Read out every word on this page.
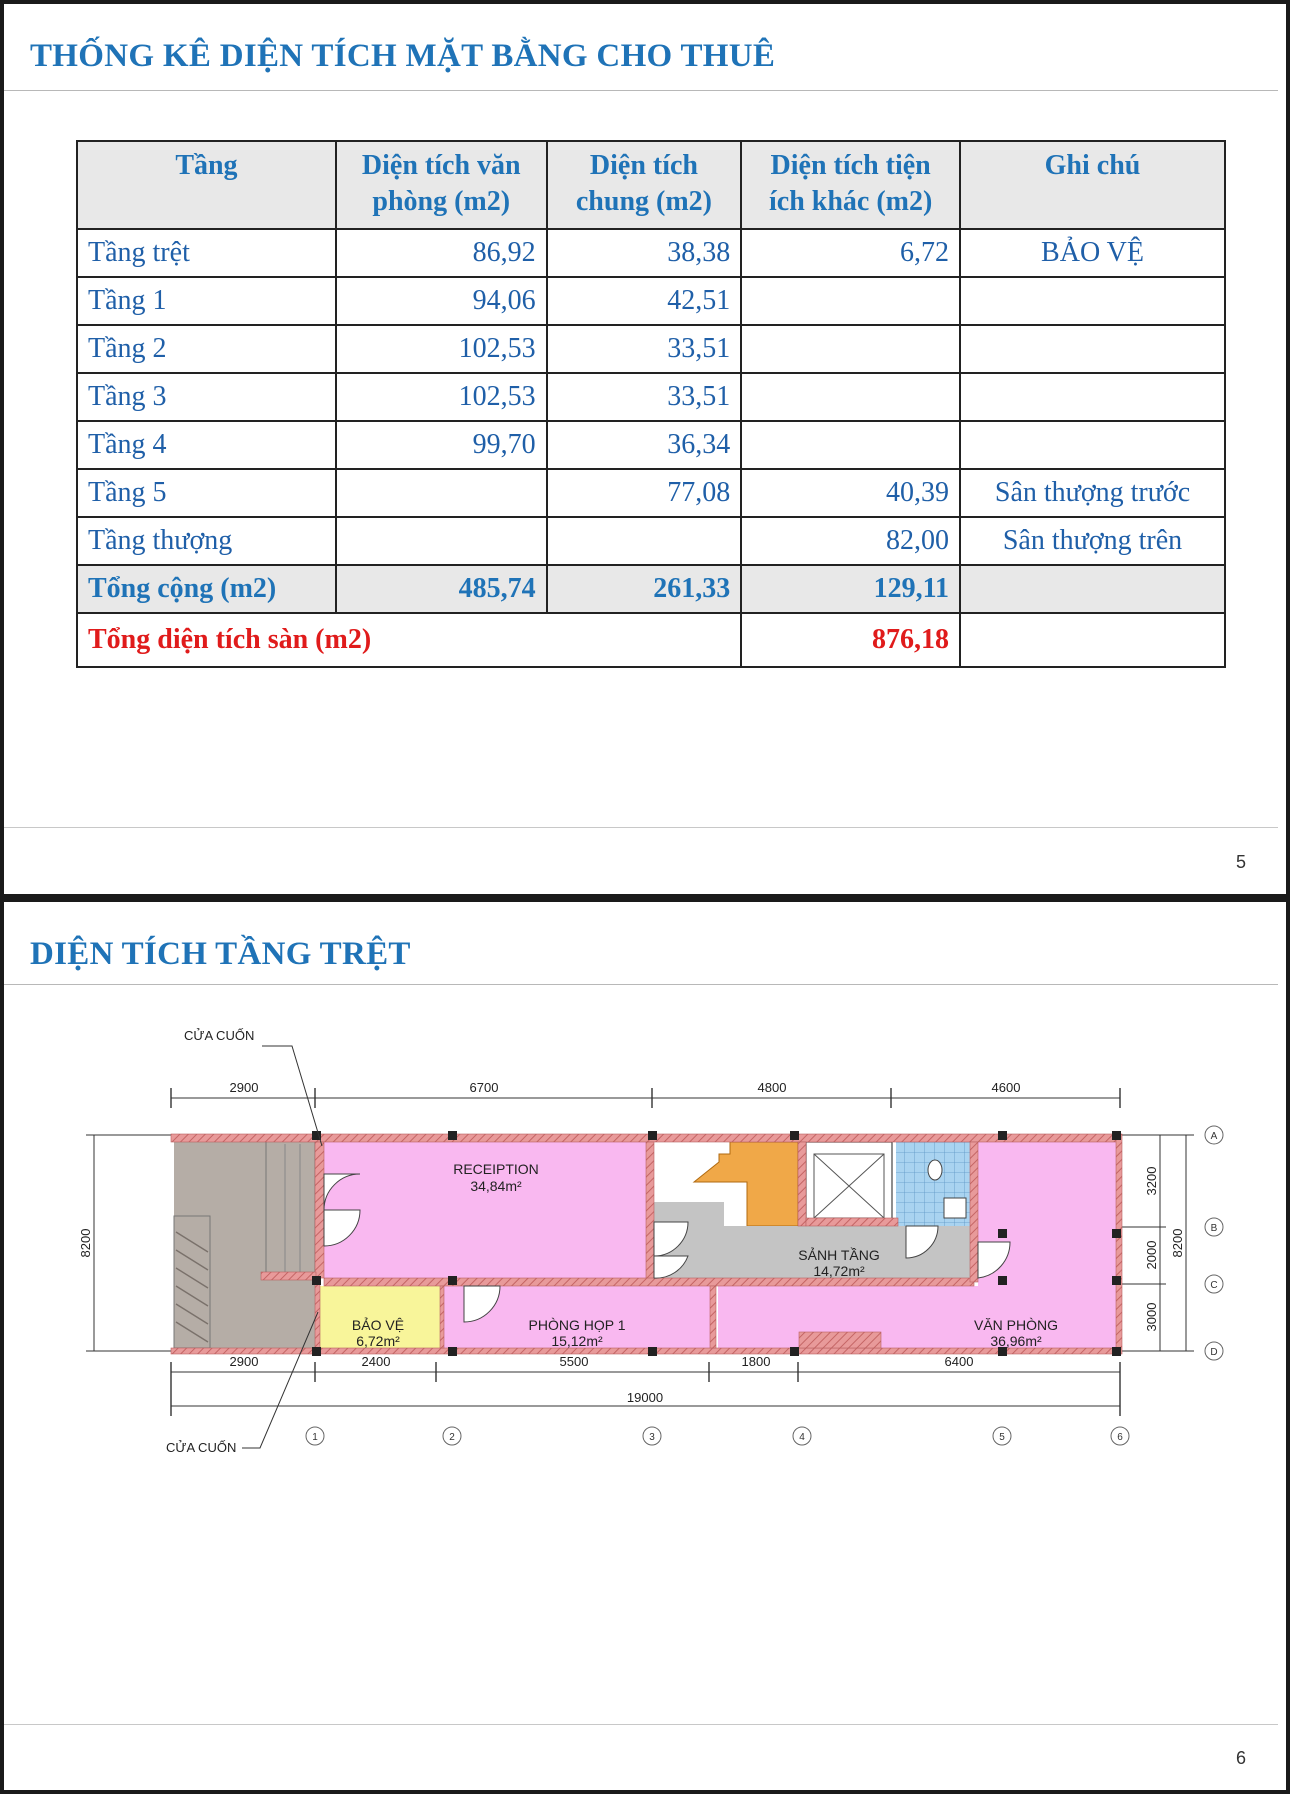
THỐNG KÊ DIỆN TÍCH MẶT BẰNG CHO THUÊ
Tầng	Diện tích văn phòng (m2)	Diện tích chung (m2)	Diện tích tiện ích khác (m2)	Ghi chú
Tầng trệt	86,92	38,38	6,72	BẢO VỆ
Tầng 1	94,06	42,51		
Tầng 2	102,53	33,51		
Tầng 3	102,53	33,51		
Tầng 4	99,70	36,34		
Tầng 5		77,08	40,39	Sân thượng trước
Tầng thượng			82,00	Sân thượng trên
Tổng cộng (m2)	485,74	261,33	129,11	
Tổng diện tích sàn (m2)			876,18	
5
DIỆN TÍCH TẦNG TRỆT
2900	6700	4800	4600
2900	2400	5500	1800	6400
19000
8200
3200
2000
3000
8200
RECEIPTION
34,84m²
SẢNH TẦNG
14,72m²
BẢO VỆ
6,72m²
PHÒNG HỌP 1
15,12m²
VĂN PHÒNG
36,96m²
CỬA CUỐN
CỬA CUỐN
A
B
C
D
1	2	3	4	5	6
6
